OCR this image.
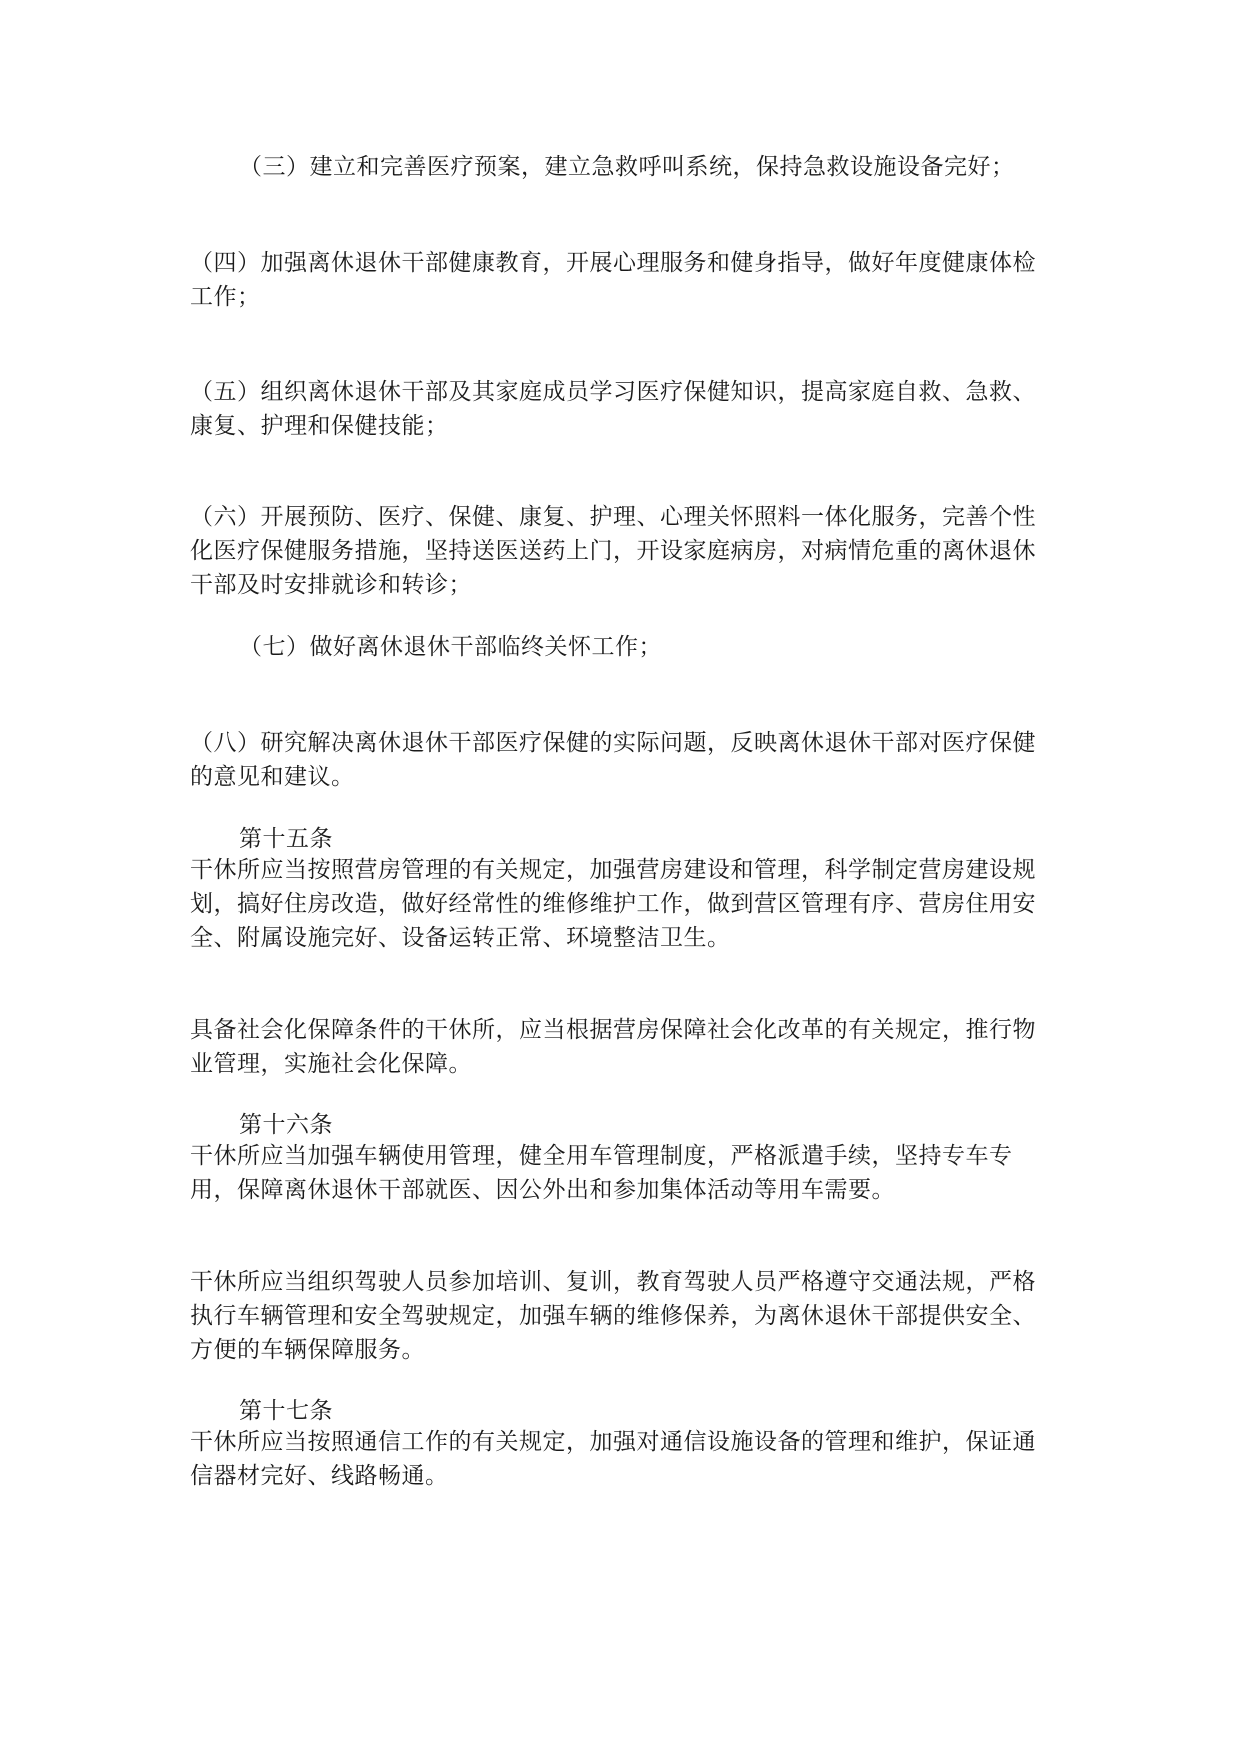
（三）建立和完善医疗预案，建立急救呼叫系统，保持急救设施设备完好；

（四）加强离休退休干部健康教育，开展心理服务和健身指导，做好年度健康体检工作；

（五）组织离休退休干部及其家庭成员学习医疗保健知识，提高家庭自救、急救、康复、护理和保健技能；

（六）开展预防、医疗、保健、康复、护理、心理关怀照料一体化服务，完善个性化医疗保健服务措施，坚持送医送药上门，开设家庭病房，对病情危重的离休退休干部及时安排就诊和转诊；

（七）做好离休退休干部临终关怀工作；

（八）研究解决离休退休干部医疗保健的实际问题，反映离休退休干部对医疗保健的意见和建议。

第十五条

干休所应当按照营房管理的有关规定，加强营房建设和管理，科学制定营房建设规划，搞好住房改造，做好经常性的维修维护工作，做到营区管理有序、营房住用安全、附属设施完好、设备运转正常、环境整洁卫生。

具备社会化保障条件的干休所，应当根据营房保障社会化改革的有关规定，推行物业管理，实施社会化保障。

第十六条

干休所应当加强车辆使用管理，健全用车管理制度，严格派遣手续，坚持专车专用，保障离休退休干部就医、因公外出和参加集体活动等用车需要。

干休所应当组织驾驶人员参加培训、复训，教育驾驶人员严格遵守交通法规，严格执行车辆管理和安全驾驶规定，加强车辆的维修保养，为离休退休干部提供安全、方便的车辆保障服务。

第十七条

干休所应当按照通信工作的有关规定，加强对通信设施设备的管理和维护，保证通信器材完好、线路畅通。
